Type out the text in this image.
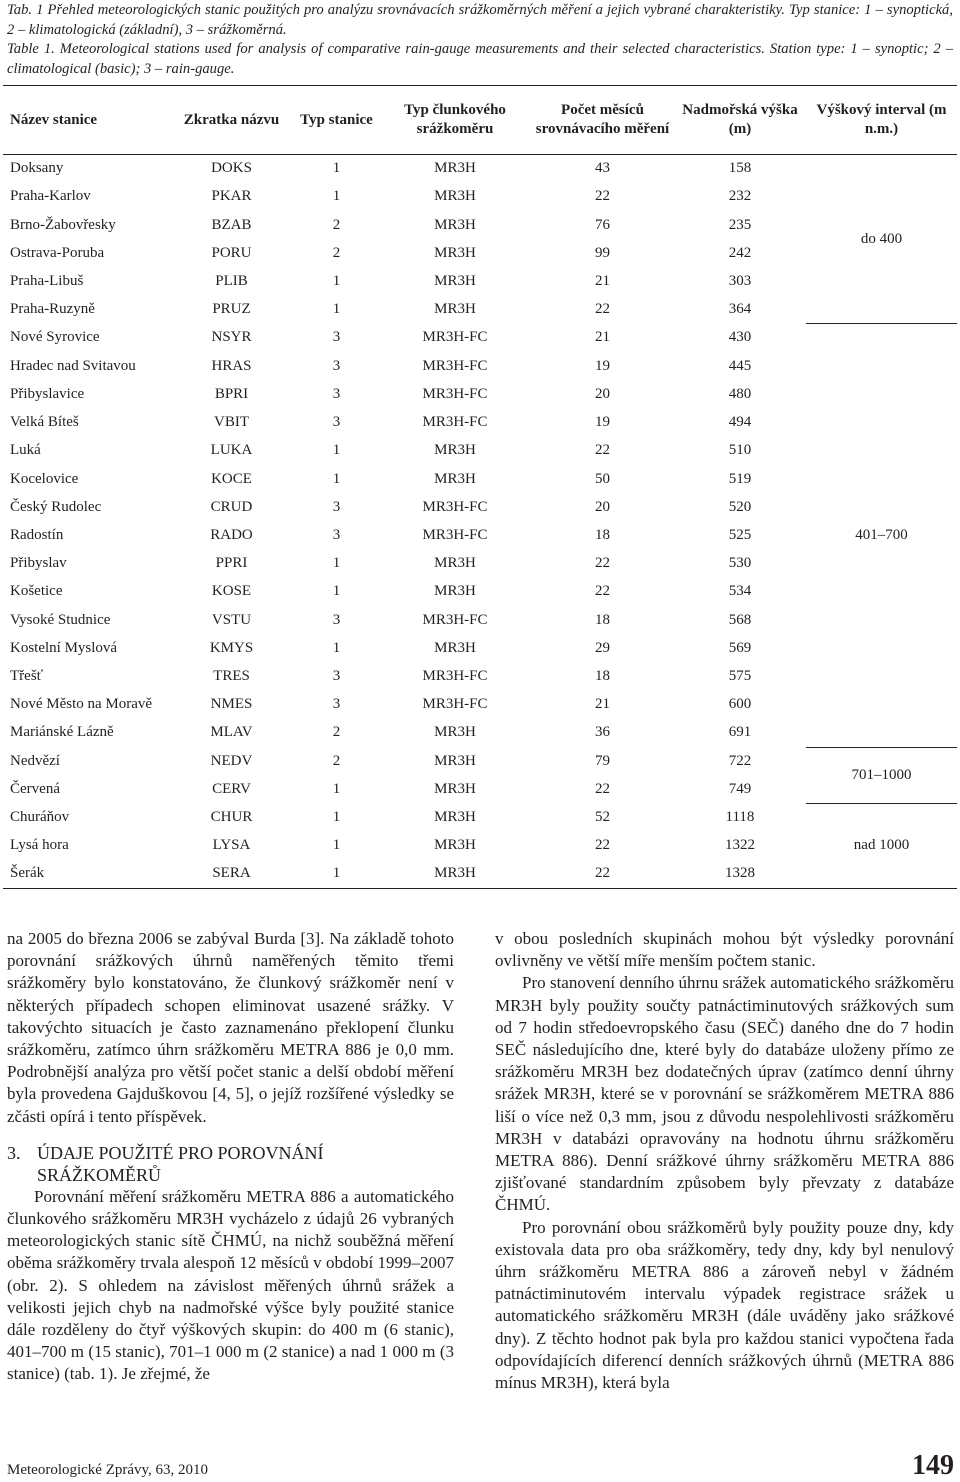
Tab. 1 Přehled meteorologických stanic použitých pro analýzu srovnávacích srážkoměrných měření a jejich vybrané charakteristiky. Typ stanice: 1 – synoptická, 2 – klimatologická (základní), 3 – srážkoměrná.
Table 1. Meteorological stations used for analysis of comparative rain-gauge measurements and their selected characteristics. Station type: 1 – synoptic; 2 – climatological (basic); 3 – rain-gauge.
Název stanice	Zkratka názvu	Typ stanice	Typ člunkového srážkoměru	Počet měsíců srovnávacího měření	Nadmořská výška (m)	Výškový interval (m n.m.)
Doksany	DOKS	1	MR3H	43	158	do 400
Praha-Karlov	PKAR	1	MR3H	22	232	
Brno-Žabovřesky	BZAB	2	MR3H	76	235	
Ostrava-Poruba	PORU	2	MR3H	99	242	
Praha-Libuš	PLIB	1	MR3H	21	303	
Praha-Ruzyně	PRUZ	1	MR3H	22	364	
Nové Syrovice	NSYR	3	MR3H-FC	21	430	401–700
Hradec nad Svitavou	HRAS	3	MR3H-FC	19	445	
Přibyslavice	BPRI	3	MR3H-FC	20	480	
Velká Bíteš	VBIT	3	MR3H-FC	19	494	
Luká	LUKA	1	MR3H	22	510	
Kocelovice	KOCE	1	MR3H	50	519	
Český Rudolec	CRUD	3	MR3H-FC	20	520	
Radostín	RADO	3	MR3H-FC	18	525	
Přibyslav	PPRI	1	MR3H	22	530	
Košetice	KOSE	1	MR3H	22	534	
Vysoké Studnice	VSTU	3	MR3H-FC	18	568	
Kostelní Myslová	KMYS	1	MR3H	29	569	
Třešť	TRES	3	MR3H-FC	18	575	
Nové Město na Moravě	NMES	3	MR3H-FC	21	600	
Mariánské Lázně	MLAV	2	MR3H	36	691	
Nedvězí	NEDV	2	MR3H	79	722	701–1000
Červená	CERV	1	MR3H	22	749	
Churáňov	CHUR	1	MR3H	52	1118	nad 1000
Lysá hora	LYSA	1	MR3H	22	1322	
Šerák	SERA	1	MR3H	22	1328	

na 2005 do března 2006 se zabýval Burda [3]. Na základě tohoto porovnání srážkových úhrnů naměřených těmito třemi srážkoměry bylo konstatováno, že člunkový srážkoměr není v některých případech schopen eliminovat usazené srážky. V takovýchto situacích je často zaznamenáno překlopení člunku srážkoměru, zatímco úhrn srážkoměru METRA 886 je 0,0 mm. Podrobnější analýza pro větší počet stanic a delší období měření byla provedena Gajduškovou [4, 5], o jejíž rozšířené výsledky se zčásti opírá i tento příspěvek.

3. ÚDAJE POUŽITÉ PRO POROVNÁNÍ
SRÁŽKOMĚRŮ

Porovnání měření srážkoměru METRA 886 a automatického člunkového srážkoměru MR3H vycházelo z údajů 26 vybraných meteorologických stanic sítě ČHMÚ, na nichž souběžná měření oběma srážkoměry trvala alespoň 12 měsíců v období 1999–2007 (obr. 2). S ohledem na závislost měřených úhrnů srážek a velikosti jejich chyb na nadmořské výšce byly použité stanice dále rozděleny do čtyř výškových skupin: do 400 m (6 stanic), 401–700 m (15 stanic), 701–1 000 m (2 stanice) a nad 1 000 m (3 stanice) (tab. 1). Je zřejmé, že

v obou posledních skupinách mohou být výsledky porovnání ovlivněny ve větší míře menším počtem stanic.

Pro stanovení denního úhrnu srážek automatického srážkoměru MR3H byly použity součty patnáctiminutových srážkových sum od 7 hodin středoevropského času (SEČ) daného dne do 7 hodin SEČ následujícího dne, které byly do databáze uloženy přímo ze srážkoměru MR3H bez dodatečných úprav (zatímco denní úhrny srážek MR3H, které se v porovnání se srážkoměrem METRA 886 liší o více než 0,3 mm, jsou z důvodu nespolehlivosti srážkoměru MR3H v databázi opravovány na hodnotu úhrnu srážkoměru METRA 886). Denní srážkové úhrny srážkoměru METRA 886 zjišťované standardním způsobem byly převzaty z databáze ČHMÚ.

Pro porovnání obou srážkoměrů byly použity pouze dny, kdy existovala data pro oba srážkoměry, tedy dny, kdy byl nenulový úhrn srážkoměru METRA 886 a zároveň nebyl v žádném patnáctiminutovém intervalu výpadek registrace srážek u automatického srážkoměru MR3H (dále uváděny jako srážkové dny). Z těchto hodnot pak byla pro každou stanici vypočtena řada odpovídajících diferencí denních srážkových úhrnů (METRA 886 mínus MR3H), která byla

Meteorologické Zprávy, 63, 2010	149
